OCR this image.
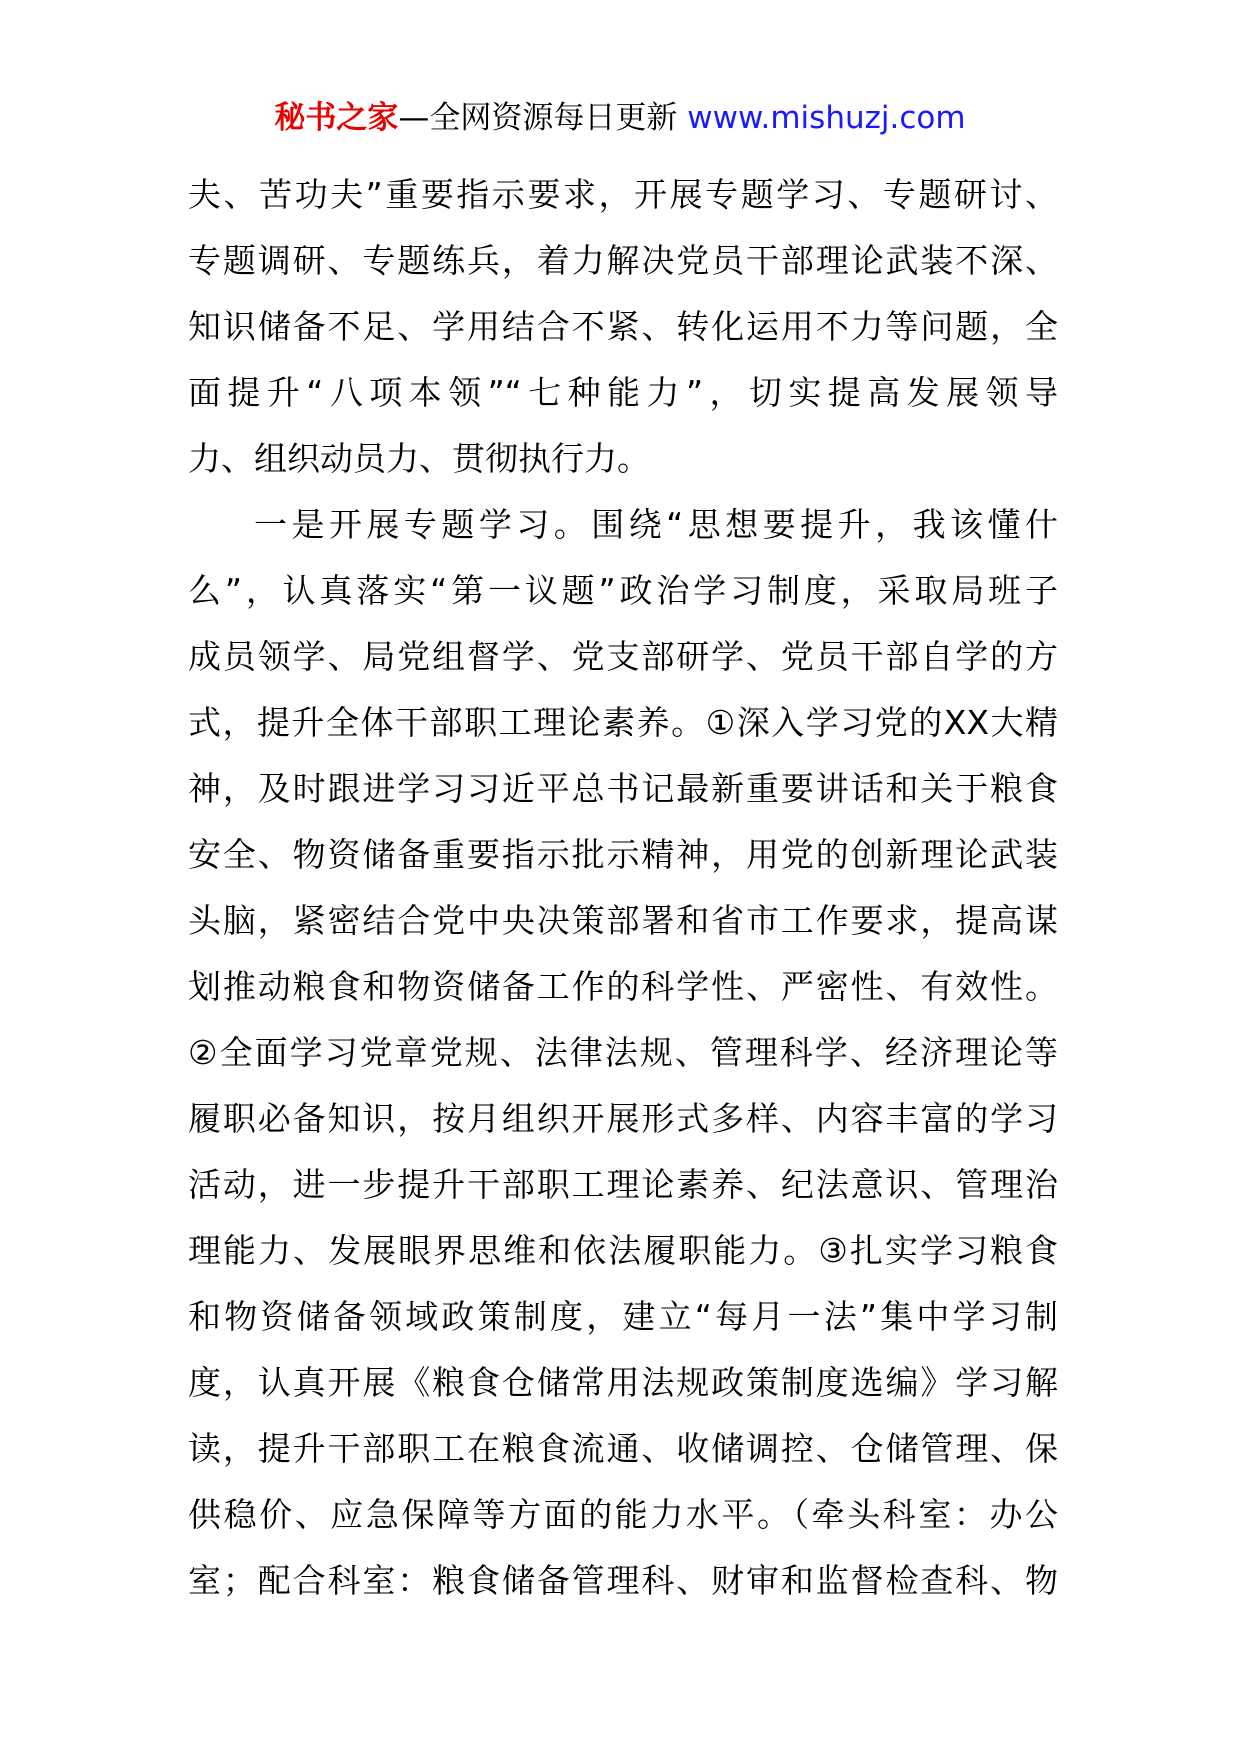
秘书之家—全网资源每日更新 www.mishuzj.com
夫、苦功夫”重要指示要求，开展专题学习、专题研讨、
专题调研、专题练兵，着力解决党员干部理论武装不深、
知识储备不足、学用结合不紧、转化运用不力等问题，全
面提升“八项本领”“七种能力”，切实提高发展领导
力、组织动员力、贯彻执行力。
一是开展专题学习。围绕“思想要提升，我该懂什
么”，认真落实“第一议题”政治学习制度，采取局班子
成员领学、局党组督学、党支部研学、党员干部自学的方
式，提升全体干部职工理论素养。①深入学习党的XX大精
神，及时跟进学习习近平总书记最新重要讲话和关于粮食
安全、物资储备重要指示批示精神，用党的创新理论武装
头脑，紧密结合党中央决策部署和省市工作要求，提高谋
划推动粮食和物资储备工作的科学性、严密性、有效性。
②全面学习党章党规、法律法规、管理科学、经济理论等
履职必备知识，按月组织开展形式多样、内容丰富的学习
活动，进一步提升干部职工理论素养、纪法意识、管理治
理能力、发展眼界思维和依法履职能力。③扎实学习粮食
和物资储备领域政策制度，建立“每月一法”集中学习制
度，认真开展《粮食仓储常用法规政策制度选编》学习解
读，提升干部职工在粮食流通、收储调控、仓储管理、保
供稳价、应急保障等方面的能力水平。（牵头科室：办公
室；配合科室：粮食储备管理科、财审和监督检查科、物
